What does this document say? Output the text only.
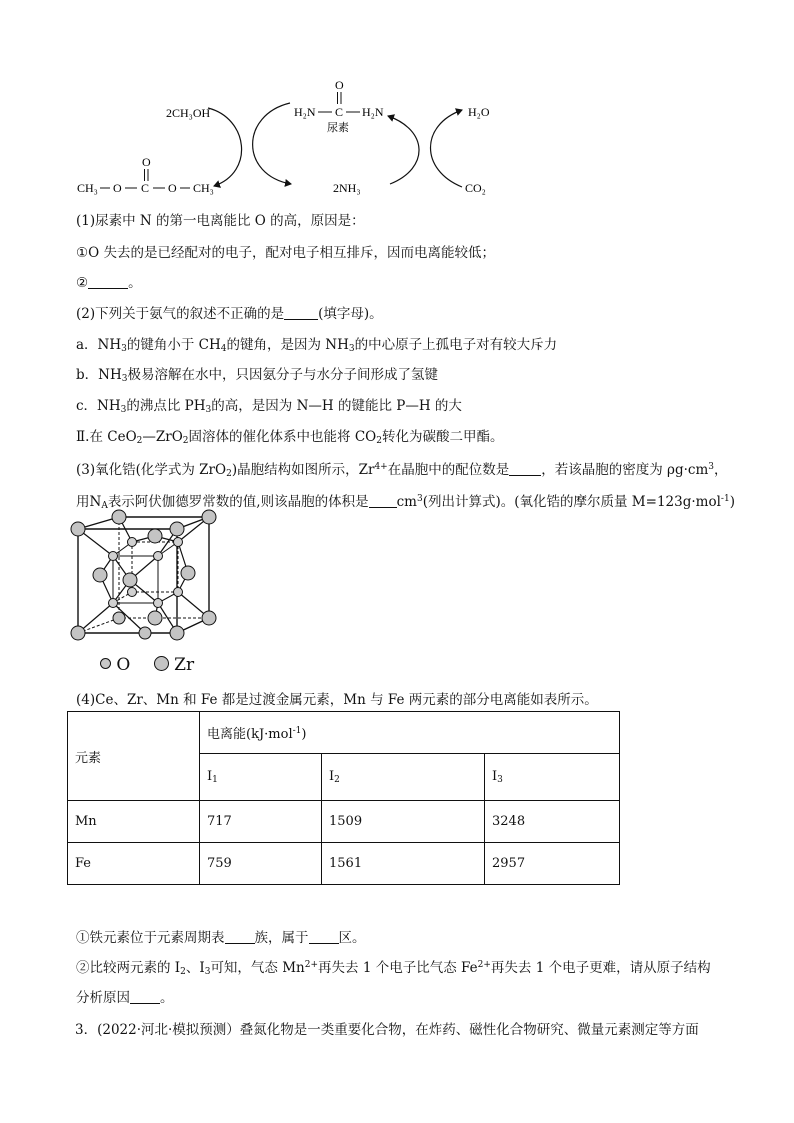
2CH₃OH
O
CH₃ O C O CH₃
O
H₂N C H₂N
尿素
2NH₃
H₂O
CO₂
(1)尿素中 N 的第一电离能比 O 的高，原因是：
①O 失去的是已经配对的电子，配对电子相互排斥，因而电离能较低；
②	。
(2)下列关于氨气的叙述不正确的是	(填字母)。
a．$NH_3$的键角小于 $CH_4$的键角，是因为 $NH_3$的中心原子上孤电子对有较大斥力
b．$NH_3$极易溶解在水中，只因氨分子与水分子间形成了氢键
c．$NH_3$的沸点比 $PH_3$的高，是因为 N—H 的键能比 P—H 的大
Ⅱ.在 CeO$_2$—ZrO$_2$固溶体的催化体系中也能将 $CO_2$转化为碳酸二甲酯。
(3)氧化锆(化学式为 ZrO$_2$)晶胞结构如图所示，$Zr^{4+}$在晶胞中的配位数是 ，若该晶胞的密度为 $\rho g\cdot cm^3$，
用$N_A$表示阿伏伽德罗常数的值,则该晶胞的体积是 $cm^3$(列出计算式)。(氧化锆的摩尔质量 M=123g·mol$^{-1}$)
O	Zr
(4)Ce、Zr、Mn 和 Fe 都是过渡金属元素，Mn 与 Fe 两元素的部分电离能如表所示。
元素	电离能(kJ·mol$^{-1}$)		
	$I_1$	$I_2$	$I_3$
Mn	717	1509	3248
Fe	759	1561	2957
①铁元素位于元素周期表 族，属于 区。
②比较两元素的 $I_2$、$I_3$可知，气态 $Mn^{2+}$再失去 1 个电子比气态 $Fe^{2+}$再失去 1 个电子更难，请从原子结构
分析原因 。
3．(2022·河北·模拟预测）叠氮化物是一类重要化合物，在炸药、磁性化合物研究、微量元素测定等方面
